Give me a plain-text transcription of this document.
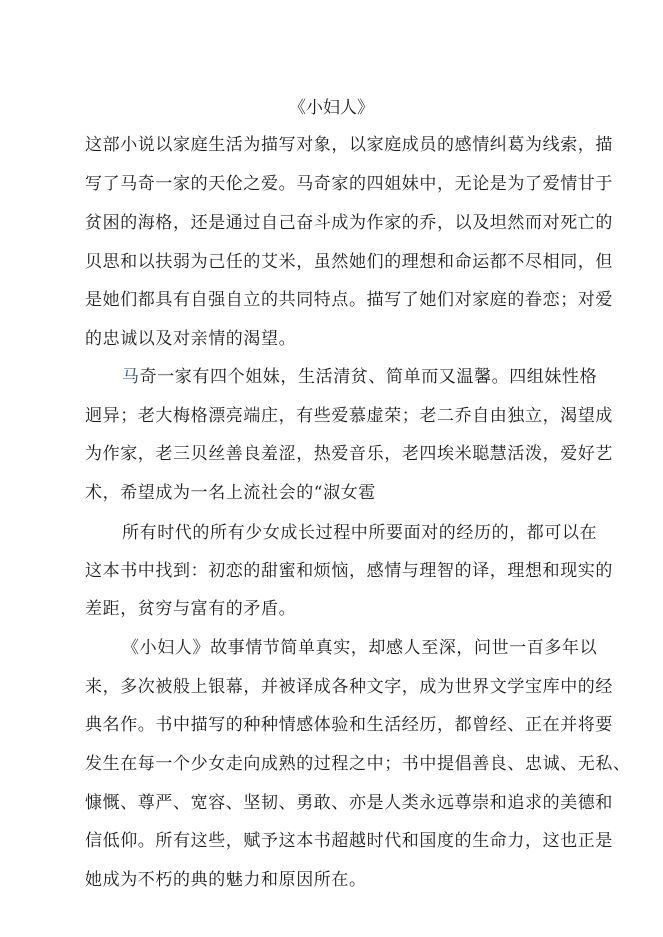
《小妇人》
这部小说以家庭生活为描写对象，以家庭成员的感情纠葛为线索，描
写了马奇一家的天伦之爱。马奇家的四姐妹中，无论是为了爱情甘于
贫困的海格，还是通过自己奋斗成为作家的乔，以及坦然而对死亡的
贝思和以扶弱为己任的艾米，虽然她们的理想和命运都不尽相同，但
是她们都具有自强自立的共同特点。描写了她们对家庭的眷恋；对爱
的忠诚以及对亲情的渴望。
马奇一家有四个姐妹，生活清贫、简单而又温馨。四组妹性格
迥异；老大梅格漂亮端庄，有些爱慕虚荣；老二乔自由独立，渴望成
为作家，老三贝丝善良羞涩，热爱音乐，老四埃米聪慧活泼，爱好艺
术，希望成为一名上流社会的“淑女雹
所有时代的所有少女成长过程中所要面对的经历的，都可以在
这本书中找到：初恋的甜蜜和烦恼，感情与理智的译，理想和现实的
差距，贫穷与富有的矛盾。
《小妇人》故事情节简单真实，却感人至深，问世一百多年以
来，多次被般上银幕，并被译成各种文字，成为世界文学宝库中的经
典名作。书中描写的种种情感体验和生活经历，都曾经、正在并将要
发生在每一个少女走向成熟的过程之中；书中提倡善良、忠诚、无私、
慷慨、尊严、宽容、坚韧、勇敢、亦是人类永远尊崇和追求的美德和
信低仰。所有这些，赋予这本书超越时代和国度的生命力，这也正是
她成为不朽的典的魅力和原因所在。
